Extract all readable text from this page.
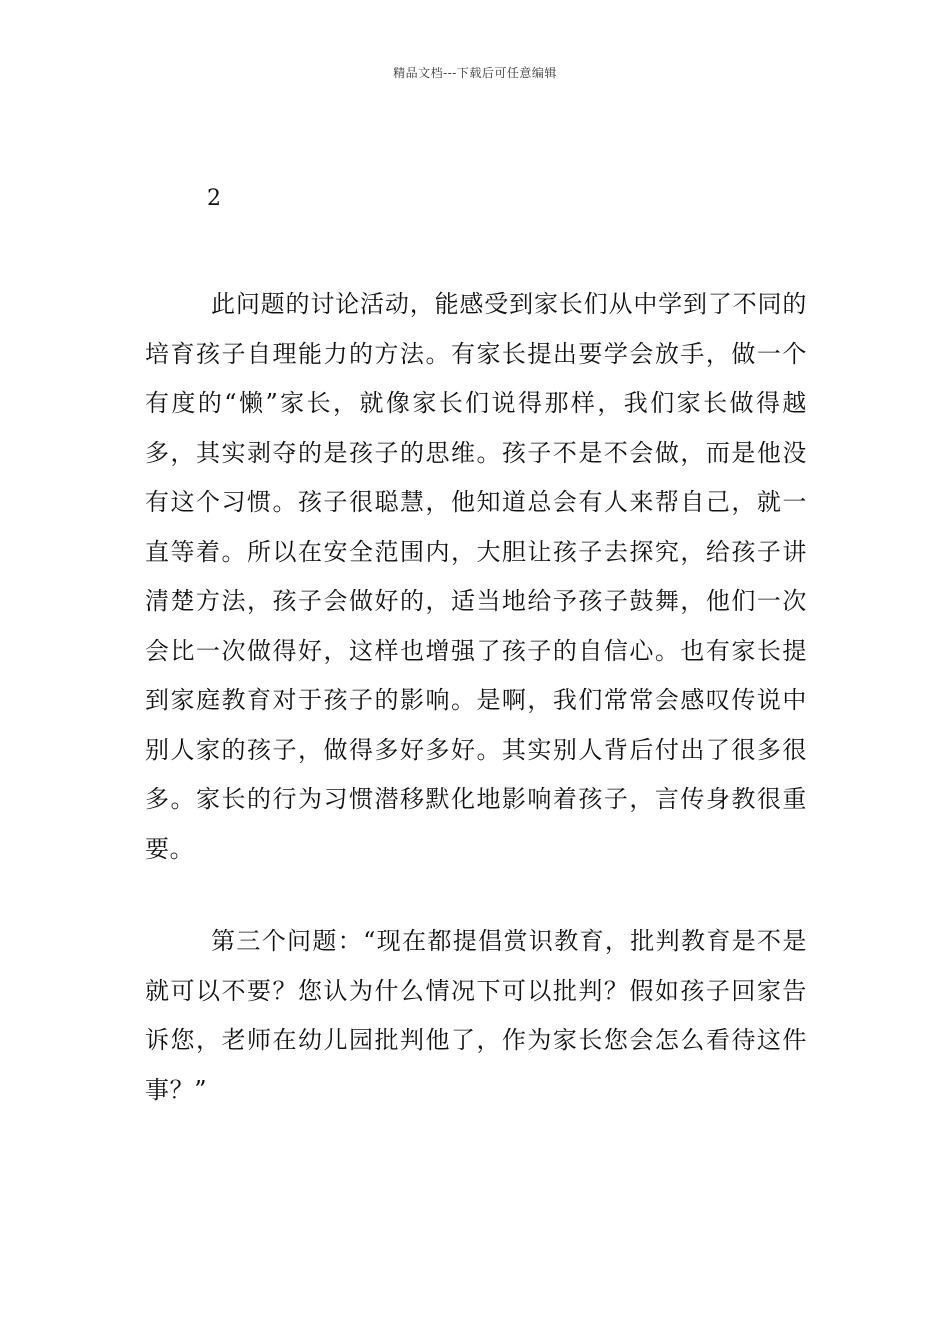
精品文档---下载后可任意编辑
2

此问题的讨论活动，能感受到家长们从中学到了不同的培育孩子自理能力的方法。有家长提出要学会放手，做一个有度的“懒”家长，就像家长们说得那样，我们家长做得越多，其实剥夺的是孩子的思维。孩子不是不会做，而是他没有这个习惯。孩子很聪慧，他知道总会有人来帮自己，就一直等着。所以在安全范围内，大胆让孩子去探究，给孩子讲清楚方法，孩子会做好的，适当地给予孩子鼓舞，他们一次会比一次做得好，这样也增强了孩子的自信心。也有家长提到家庭教育对于孩子的影响。是啊，我们常常会感叹传说中别人家的孩子，做得多好多好。其实别人背后付出了很多很多。家长的行为习惯潜移默化地影响着孩子，言传身教很重要。

第三个问题：“现在都提倡赏识教育，批判教育是不是就可以不要？您认为什么情况下可以批判？假如孩子回家告诉您，老师在幼儿园批判他了，作为家长您会怎么看待这件事？”
